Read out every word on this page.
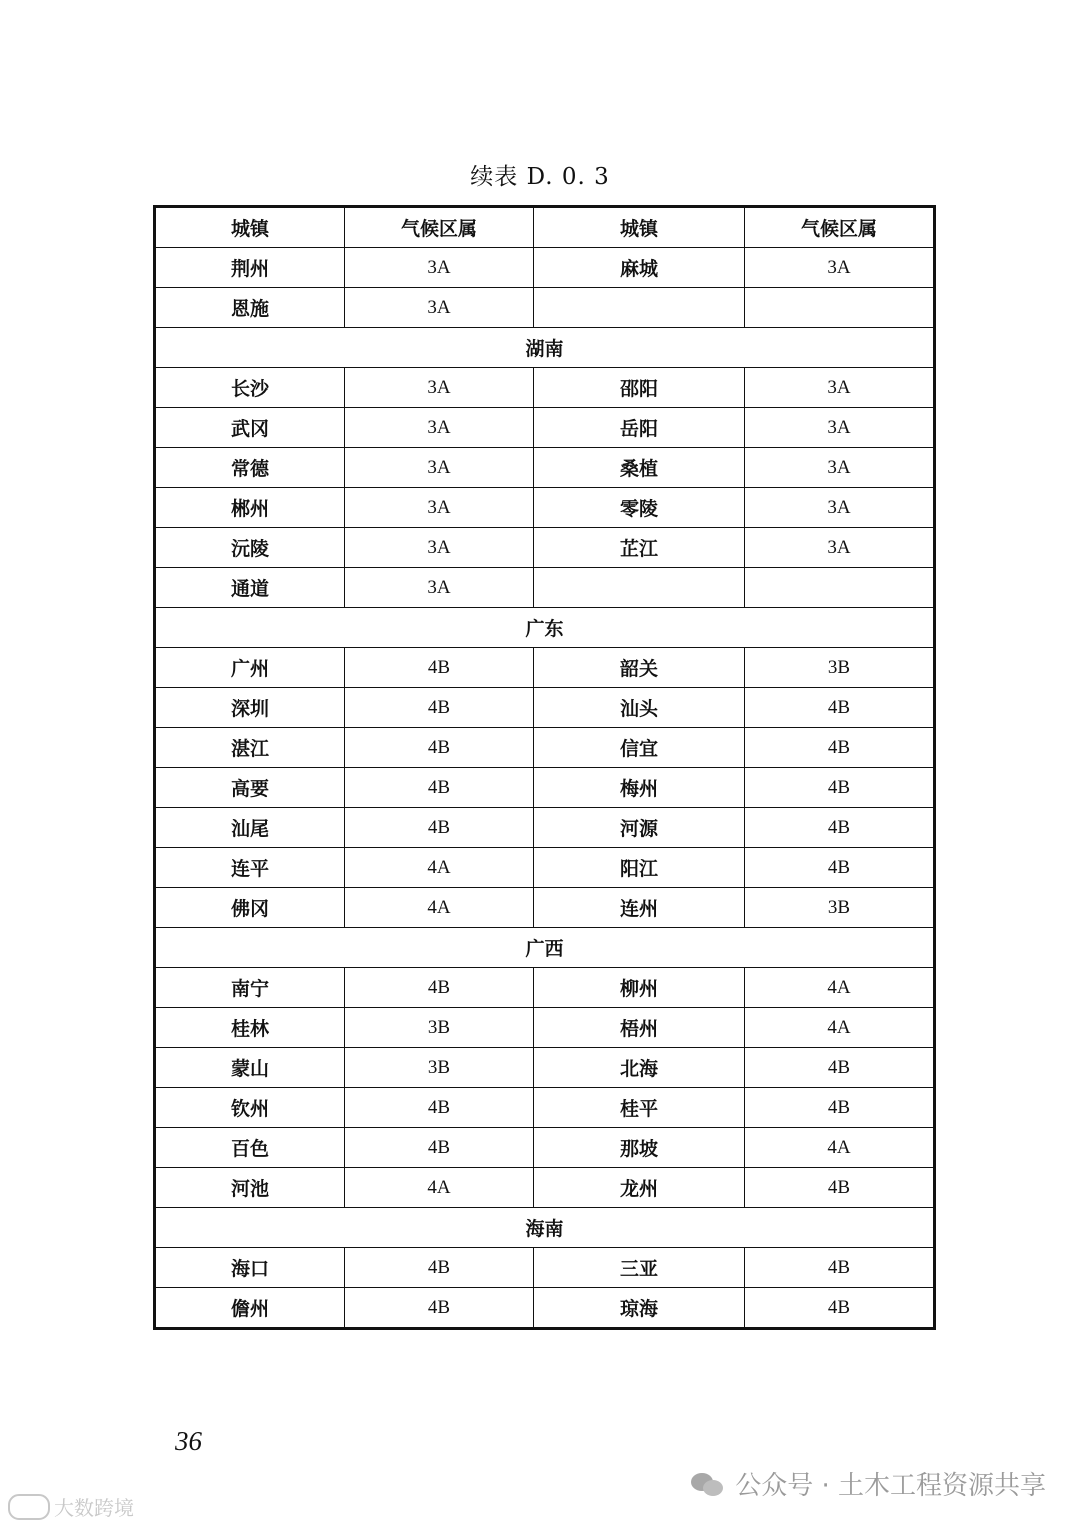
续表 D. 0. 3
城镇	气候区属	城镇	气候区属
荆州	3A	麻城	3A
恩施	3A		
湖南			
长沙	3A	邵阳	3A
武冈	3A	岳阳	3A
常德	3A	桑植	3A
郴州	3A	零陵	3A
沅陵	3A	芷江	3A
通道	3A		
广东			
广州	4B	韶关	3B
深圳	4B	汕头	4B
湛江	4B	信宜	4B
高要	4B	梅州	4B
汕尾	4B	河源	4B
连平	4A	阳江	4B
佛冈	4A	连州	3B
广西			
南宁	4B	柳州	4A
桂林	3B	梧州	4A
蒙山	3B	北海	4B
钦州	4B	桂平	4B
百色	4B	那坡	4A
河池	4A	龙州	4B
海南			
海口	4B	三亚	4B
儋州	4B	琼海	4B
36
公众号 · 土木工程资源共享
大数跨境
